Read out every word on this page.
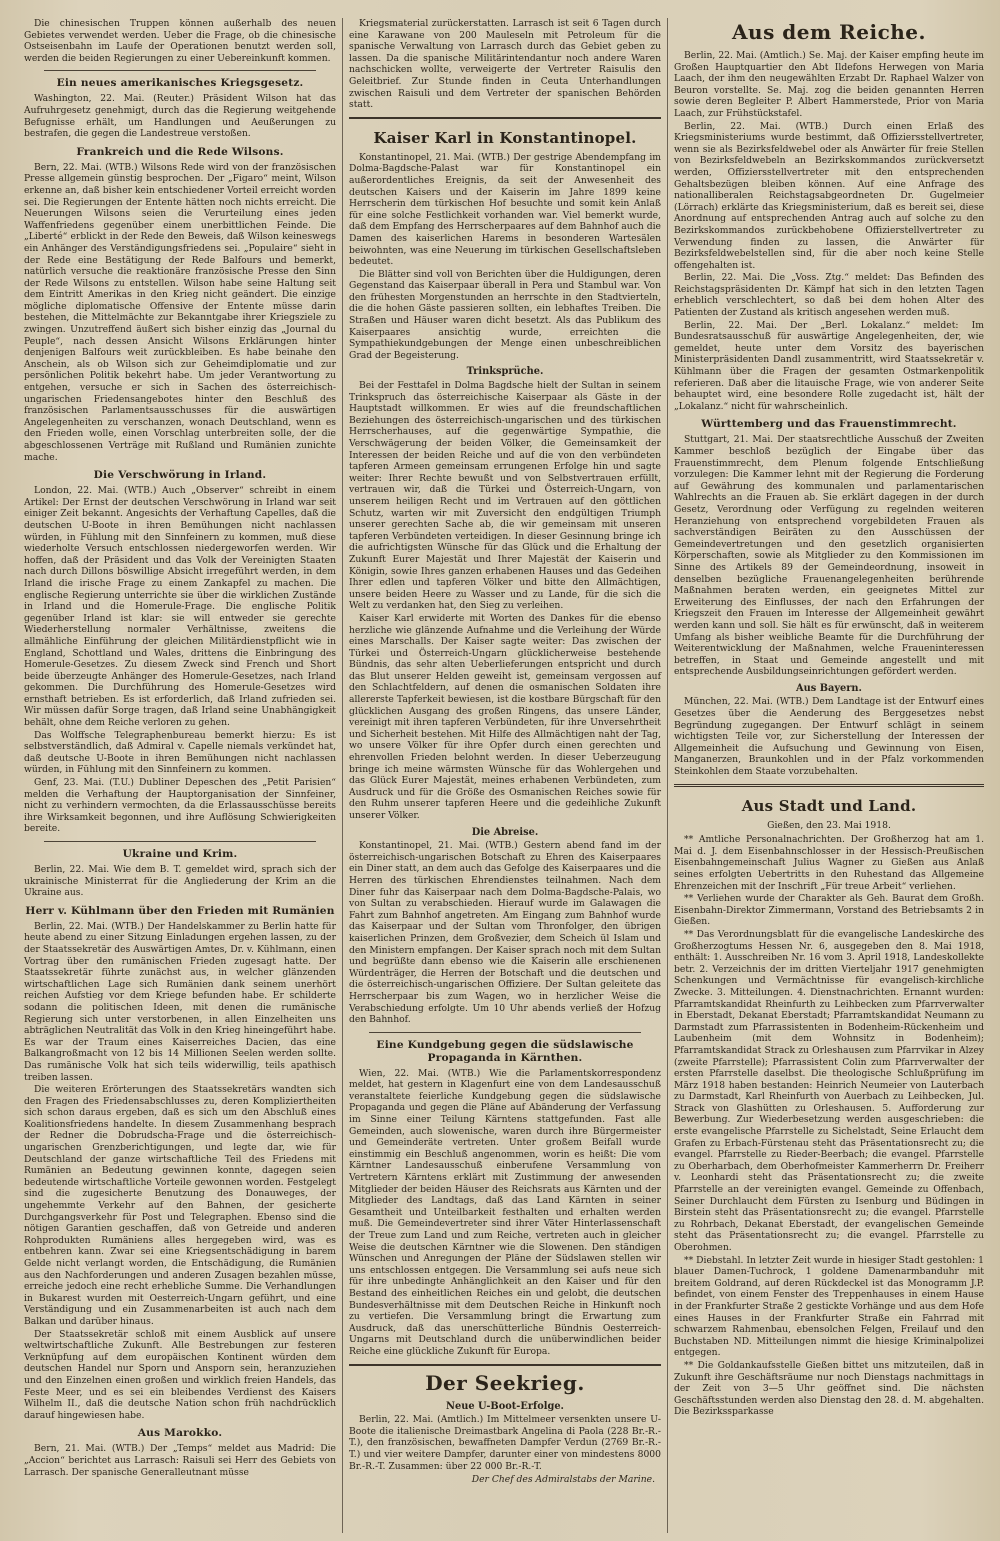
Die chinesischen Truppen können außerhalb des neuen Gebietes verwendet werden. Ueber die Frage, ob die chinesische Ostseisenbahn im Laufe der Operationen benutzt werden soll, werden die beiden Regierungen zu einer Uebereinkunft kommen.

Ein neues amerikanisches Kriegsgesetz.

Washington, 22. Mai. (Reuter.) Präsident Wilson hat das Aufruhrgesetz genehmigt, durch das die Regierung weitgehende Befugnisse erhält, um Handlungen und Aeußerungen zu bestrafen, die gegen die Landestreue verstoßen.

Frankreich und die Rede Wilsons.

Bern, 22. Mai. (WTB.) Wilsons Rede wird von der französischen Presse allgemein günstig besprochen. Der „Figaro“ meint, Wilson erkenne an, daß bisher kein entschiedener Vorteil erreicht worden sei. Die Regierungen der Entente hätten noch nichts erreicht. Die Neuerungen Wilsons seien die Verurteilung eines jeden Waffenfriedens gegenüber einem unerbittlichen Feinde. Die „Liberté“ erblickt in der Rede den Beweis, daß Wilson keineswegs ein Anhänger des Verständigungsfriedens sei. „Populaire“ sieht in der Rede eine Bestätigung der Rede Balfours und bemerkt, natürlich versuche die reaktionäre französische Presse den Sinn der Rede Wilsons zu entstellen. Wilson habe seine Haltung seit dem Eintritt Amerikas in den Krieg nicht geändert. Die einzige mögliche diplomatische Offensive der Entente müsse darin bestehen, die Mittelmächte zur Bekanntgabe ihrer Kriegsziele zu zwingen. Unzutreffend äußert sich bisher einzig das „Journal du Peuple“, nach dessen Ansicht Wilsons Erklärungen hinter denjenigen Balfours weit zurückbleiben. Es habe beinahe den Anschein, als ob Wilson sich zur Geheimdiplomatie und zur persönlichen Politik bekehrt habe. Um jeder Verantwortung zu entgehen, versuche er sich in Sachen des österreichisch-ungarischen Friedensangebotes hinter den Beschluß des französischen Parlamentsausschusses für die auswärtigen Angelegenheiten zu verschanzen, wonach Deutschland, wenn es den Frieden wolle, einen Vorschlag unterbreiten solle, der die abgeschlossenen Verträge mit Rußland und Rumänien zunichte mache.

Die Verschwörung in Irland.

London, 22. Mai. (WTB.) Auch „Observer“ schreibt in einem Artikel: Der Ernst der deutschen Verschwörung in Irland war seit einiger Zeit bekannt. Angesichts der Verhaftung Capelles, daß die deutschen U-Boote in ihren Bemühungen nicht nachlassen würden, in Fühlung mit den Sinnfeinern zu kommen, muß diese wiederholte Versuch entschlossen niedergeworfen werden. Wir hoffen, daß der Präsident und das Volk der Vereinigten Staaten nach durch Dillons böswillige Absicht irregeführt werden, in dem Irland die irische Frage zu einem Zankapfel zu machen. Die englische Regierung unterrichte sie über die wirklichen Zustände in Irland und die Homerule-Frage. Die englische Politik gegenüber Irland ist klar: sie will entweder sie gerechte Wiederherstellung normaler Verhältnisse, zweitens die allmähliche Einführung der gleichen Militärdienstpflicht wie in England, Schottland und Wales, drittens die Einbringung des Homerule-Gesetzes. Zu diesem Zweck sind French und Short beide überzeugte Anhänger des Homerule-Gesetzes, nach Irland gekommen. Die Durchführung des Homerule-Gesetzes wird ernsthaft betrieben. Es ist erforderlich, daß Irland zufrieden sei. Wir müssen dafür Sorge tragen, daß Irland seine Unabhängigkeit behält, ohne dem Reiche verloren zu gehen.

Das Wolffsche Telegraphenbureau bemerkt hierzu: Es ist selbstverständlich, daß Admiral v. Capelle niemals verkündet hat, daß deutsche U-Boote in ihren Bemühungen nicht nachlassen würden, in Fühlung mit den Sinnfeinern zu kommen.

Genf, 23. Mai. (T.U.) Dubliner Depeschen des „Petit Parisien“ melden die Verhaftung der Hauptorganisation der Sinnfeiner, nicht zu verhindern vermochten, da die Erlassausschüsse bereits ihre Wirksamkeit begonnen, und ihre Auflösung Schwierigkeiten bereite.

Ukraine und Krim.

Berlin, 22. Mai. Wie dem B. T. gemeldet wird, sprach sich der ukrainische Ministerrat für die Angliederung der Krim an die Ukraine aus.

Herr v. Kühlmann über den Frieden mit Rumänien

Berlin, 22. Mai. (WTB.) Der Handelskammer zu Berlin hatte für heute abend zu einer Sitzung Einladungen ergehen lassen, zu der der Staatssekretär des Auswärtigen Amtes, Dr. v. Kühlmann, einen Vortrag über den rumänischen Frieden zugesagt hatte. Der Staatssekretär führte zunächst aus, in welcher glänzenden wirtschaftlichen Lage sich Rumänien dank seinem unerhört reichen Aufstieg vor dem Kriege befunden habe. Er schilderte sodann die politischen Ideen, mit denen die rumänische Regierung sich unter verstorbenen, in allen Einzelheiten uns abträglichen Neutralität das Volk in den Krieg hineingeführt habe. Es war der Traum eines Kaiserreiches Dacien, das eine Balkangroßmacht von 12 bis 14 Millionen Seelen werden sollte. Das rumänische Volk hat sich teils widerwillig, teils apathisch treiben lassen.

Die weiteren Erörterungen des Staatssekretärs wandten sich den Fragen des Friedensabschlusses zu, deren Kompliziertheiten sich schon daraus ergeben, daß es sich um den Abschluß eines Koalitionsfriedens handelte. In diesem Zusammenhang besprach der Redner die Dobrudscha-Frage und die österreichisch-ungarischen Grenzberichtigungen, und legte dar, wie für Deutschland der ganze wirtschaftliche Teil des Friedens mit Rumänien an Bedeutung gewinnen konnte, dagegen seien bedeutende wirtschaftliche Vorteile gewonnen worden. Festgelegt sind die zugesicherte Benutzung des Donauweges, der ungehemmte Verkehr auf den Bahnen, der gesicherte Durchgangsverkehr für Post und Telegraphen. Ebenso sind die nötigen Garantien geschaffen, daß von Getreide und anderen Rohprodukten Rumäniens alles hergegeben wird, was es entbehren kann. Zwar sei eine Kriegsentschädigung in barem Gelde nicht verlangt worden, die Entschädigung, die Rumänien aus den Nachforderungen und anderen Zusagen bezahlen müsse, erreiche jedoch eine recht erhebliche Summe. Die Verhandlungen in Bukarest wurden mit Oesterreich-Ungarn geführt, und eine Verständigung und ein Zusammenarbeiten ist auch nach dem Balkan und darüber hinaus.

Der Staatssekretär schloß mit einem Ausblick auf unsere weltwirtschaftliche Zukunft. Alle Bestrebungen zur festeren Verknüpfung auf dem europäischen Kontinent würden dem deutschen Handel nur Sporn und Ansporn sein, heranzuziehen und den Einzelnen einen großen und wirklich freien Handels, das Feste Meer, und es sei ein bleibendes Verdienst des Kaisers Wilhelm II., daß die deutsche Nation schon früh nachdrücklich darauf hingewiesen habe.

Aus Marokko.

Bern, 21. Mai. (WTB.) Der „Temps“ meldet aus Madrid: Die „Accion“ berichtet aus Larrasch: Raisuli sei Herr des Gebiets von Larrasch. Der spanische Generalleutnant müsse

Kriegsmaterial zurückerstatten. Larrasch ist seit 6 Tagen durch eine Karawane von 200 Mauleseln mit Petroleum für die spanische Verwaltung von Larrasch durch das Gebiet geben zu lassen. Da die spanische Militärintendantur noch andere Waren nachschicken wollte, verweigerte der Vertreter Raisulis den Geleitbrief. Zur Stunde finden in Ceuta Unterhandlungen zwischen Raisuli und dem Vertreter der spanischen Behörden statt.

Kaiser Karl in Konstantinopel.

Konstantinopel, 21. Mai. (WTB.) Der gestrige Abendempfang im Dolma-Bagdsche-Palast war für Konstantinopel ein außerordentliches Ereignis, da seit der Anwesenheit des deutschen Kaisers und der Kaiserin im Jahre 1899 keine Herrscherin dem türkischen Hof besuchte und somit kein Anlaß für eine solche Festlichkeit vorhanden war. Viel bemerkt wurde, daß dem Empfang des Herrscherpaares auf dem Bahnhof auch die Damen des kaiserlichen Harems in besonderen Wartesälen beiwohnten, was eine Neuerung im türkischen Gesellschaftsleben bedeutet.

Die Blätter sind voll von Berichten über die Huldigungen, deren Gegenstand das Kaiserpaar überall in Pera und Stambul war. Von den frühesten Morgenstunden an herrschte in den Stadtvierteln, die die hohen Gäste passieren sollten, ein lebhaftes Treiben. Die Straßen und Häuser waren dicht besetzt. Als das Publikum des Kaiserpaares ansichtig wurde, erreichten die Sympathiekundgebungen der Menge einen unbeschreiblichen Grad der Begeisterung.

Trinksprüche.

Bei der Festtafel in Dolma Bagdsche hielt der Sultan in seinem Trinkspruch das österreichische Kaiserpaar als Gäste in der Hauptstadt willkommen. Er wies auf die freundschaftlichen Beziehungen des österreichisch-ungarischen und des türkischen Herrscherhauses, auf die gegenwärtige Sympathie, die Verschwägerung der beiden Völker, die Gemeinsamkeit der Interessen der beiden Reiche und auf die von den verbündeten tapferen Armeen gemeinsam errungenen Erfolge hin und sagte weiter: Ihrer Rechte bewußt und von Selbstvertrauen erfüllt, vertrauen wir, daß die Türkei und Österreich-Ungarn, von unserem heiligen Recht und im Vertrauen auf den göttlichen Schutz, warten wir mit Zuversicht den endgültigen Triumph unserer gerechten Sache ab, die wir gemeinsam mit unseren tapferen Verbündeten verteidigen. In dieser Gesinnung bringe ich die aufrichtigsten Wünsche für das Glück und die Erhaltung der Zukunft Eurer Majestät und Ihrer Majestät der Kaiserin und Königin, sowie Ihres ganzen erhabenen Hauses und das Gedeihen Ihrer edlen und tapferen Völker und bitte den Allmächtigen, unsere beiden Heere zu Wasser und zu Lande, für die sich die Welt zu verdanken hat, den Sieg zu verleihen.

Kaiser Karl erwiderte mit Worten des Dankes für die ebenso herzliche wie glänzende Aufnahme und die Verleihung der Würde eines Marschalls. Der Kaiser sagte weiter: Das zwischen der Türkei und Österreich-Ungarn glücklicherweise bestehende Bündnis, das sehr alten Ueberlieferungen entspricht und durch das Blut unserer Helden geweiht ist, gemeinsam vergossen auf den Schlachtfeldern, auf denen die osmanischen Soldaten ihre allererste Tapferkeit bewiesen, ist die kostbare Bürgschaft für den glücklichen Ausgang des großen Ringens, das unsere Länder, vereinigt mit ihren tapferen Verbündeten, für ihre Unversehrtheit und Sicherheit bestehen. Mit Hilfe des Allmächtigen naht der Tag, wo unsere Völker für ihre Opfer durch einen gerechten und ehrenvollen Frieden belohnt werden. In dieser Ueberzeugung bringe ich meine wärmsten Wünsche für das Wohlergehen und das Glück Eurer Majestät, meines erhabenen Verbündeten, zum Ausdruck und für die Größe des Osmanischen Reiches sowie für den Ruhm unserer tapferen Heere und die gedeihliche Zukunft unserer Völker.

Die Abreise.

Konstantinopel, 21. Mai. (WTB.) Gestern abend fand im der österreichisch-ungarischen Botschaft zu Ehren des Kaiserpaares ein Diner statt, an dem auch das Gefolge des Kaiserpaares und die Herren des türkischen Ehrendienstes teilnahmen. Nach dem Diner fuhr das Kaiserpaar nach dem Dolma-Bagdsche-Palais, wo von Sultan zu verabschieden. Hierauf wurde im Galawagen die Fahrt zum Bahnhof angetreten. Am Eingang zum Bahnhof wurde das Kaiserpaar und der Sultan vom Thronfolger, den übrigen kaiserlichen Prinzen, dem Großvezier, dem Scheich ül Islam und den Ministern empfangen. Der Kaiser sprach noch mit dem Sultan und begrüßte dann ebenso wie die Kaiserin alle erschienenen Würdenträger, die Herren der Botschaft und die deutschen und die österreichisch-ungarischen Offiziere. Der Sultan geleitete das Herrscherpaar bis zum Wagen, wo in herzlicher Weise die Verabschiedung erfolgte. Um 10 Uhr abends verließ der Hofzug den Bahnhof.

Eine Kundgebung gegen die südslawische Propaganda in Kärnthen.

Wien, 22. Mai. (WTB.) Wie die Parlamentskorrespondenz meldet, hat gestern in Klagenfurt eine von dem Landesausschuß veranstaltete feierliche Kundgebung gegen die südslawische Propaganda und gegen die Pläne auf Abänderung der Verfassung im Sinne einer Teilung Kärntens stattgefunden. Fast alle Gemeinden, auch slowenische, waren durch ihre Bürgermeister und Gemeinderäte vertreten. Unter großem Beifall wurde einstimmig ein Beschluß angenommen, worin es heißt: Die vom Kärntner Landesausschuß einberufene Versammlung von Vertretern Kärntens erklärt mit Zustimmung der anwesenden Mitglieder der beiden Häuser des Reichsrats aus Kärnten und der Mitglieder des Landtags, daß das Land Kärnten in seiner Gesamtheit und Unteilbarkeit festhalten und erhalten werden muß. Die Gemeindevertreter sind ihrer Väter Hinterlassenschaft der Treue zum Land und zum Reiche, vertreten auch in gleicher Weise die deutschen Kärntner wie die Slowenen. Den ständigen Wünschen und Anregungen der Pläne der Südslawen stellen wir uns entschlossen entgegen. Die Versammlung sei aufs neue sich für ihre unbedingte Anhänglichkeit an den Kaiser und für den Bestand des einheitlichen Reiches ein und gelobt, die deutschen Bundesverhältnisse mit dem Deutschen Reiche in Hinkunft noch zu vertiefen. Die Versammlung bringt die Erwartung zum Ausdruck, daß das unerschütterliche Bündnis Oesterreich-Ungarns mit Deutschland durch die unüberwindlichen beider Reiche eine glückliche Zukunft für Europa.

Der Seekrieg.
Neue U-Boot-Erfolge.

Berlin, 22. Mai. (Amtlich.) Im Mittelmeer versenkten unsere U-Boote die italienische Dreimastbark Angelina di Paola (228 Br.-R.-T.), den französischen, bewaffneten Dampfer Verdun (2769 Br.-R.-T.) und vier weitere Dampfer, darunter einer von mindestens 8000 Br.-R.-T. Zusammen: über 22 000 Br.-R.-T.

Der Chef des Admiralstabs der Marine.
Aus dem Reiche.

Berlin, 22. Mai. (Amtlich.) Se. Maj. der Kaiser empfing heute im Großen Hauptquartier den Abt Ildefons Herwegen von Maria Laach, der ihm den neugewählten Erzabt Dr. Raphael Walzer von Beuron vorstellte. Se. Maj. zog die beiden genannten Herren sowie deren Begleiter P. Albert Hammerstede, Prior von Maria Laach, zur Frühstückstafel.

Berlin, 22. Mai. (WTB.) Durch einen Erlaß des Kriegsministeriums wurde bestimmt, daß Offiziersstellvertreter, wenn sie als Bezirksfeldwebel oder als Anwärter für freie Stellen von Bezirksfeldwebeln an Bezirkskommandos zurückversetzt werden, Offiziersstellvertreter mit den entsprechenden Gehaltsbezügen bleiben können. Auf eine Anfrage des nationalliberalen Reichstagsabgeordneten Dr. Gugelmeier (Lörrach) erklärte das Kriegsministerium, daß es bereit sei, diese Anordnung auf entsprechenden Antrag auch auf solche zu den Bezirkskommandos zurückbehobene Offizierstellvertreter zu Verwendung finden zu lassen, die Anwärter für Bezirksfeldwebelstellen sind, für die aber noch keine Stelle offengehalten ist.

Berlin, 22. Mai. Die „Voss. Ztg.“ meldet: Das Befinden des Reichstagspräsidenten Dr. Kämpf hat sich in den letzten Tagen erheblich verschlechtert, so daß bei dem hohen Alter des Patienten der Zustand als kritisch angesehen werden muß.

Berlin, 22. Mai. Der „Berl. Lokalanz.“ meldet: Im Bundesratsausschuß für auswärtige Angelegenheiten, der, wie gemeldet, heute unter dem Vorsitz des bayerischen Ministerpräsidenten Dandl zusammentritt, wird Staatssekretär v. Kühlmann über die Fragen der gesamten Ostmarkenpolitik referieren. Daß aber die litauische Frage, wie von anderer Seite behauptet wird, eine besondere Rolle zugedacht ist, hält der „Lokalanz.“ nicht für wahrscheinlich.

Württemberg und das Frauenstimmrecht.

Stuttgart, 21. Mai. Der staatsrechtliche Ausschuß der Zweiten Kammer beschloß bezüglich der Eingabe über das Frauenstimmrecht, dem Plenum folgende Entschließung vorzulegen: Die Kammer lehnt mit der Regierung die Forderung auf Gewährung des kommunalen und parlamentarischen Wahlrechts an die Frauen ab. Sie erklärt dagegen in der durch Gesetz, Verordnung oder Verfügung zu regelnden weiteren Heranziehung von entsprechend vorgebildeten Frauen als sachverständigen Beiräten zu den Ausschüssen der Gemeindevertretungen und den gesetzlich organisierten Körperschaften, sowie als Mitglieder zu den Kommissionen im Sinne des Artikels 89 der Gemeindeordnung, insoweit in denselben bezügliche Frauenangelegenheiten berührende Maßnahmen beraten werden, ein geeignetes Mittel zur Erweiterung des Einflusses, der nach den Erfahrungen der Kriegszeit den Frauen im Interesse der Allgemeinheit gewährt werden kann und soll. Sie hält es für erwünscht, daß in weiterem Umfang als bisher weibliche Beamte für die Durchführung der Weiterentwicklung der Maßnahmen, welche Fraueninteressen betreffen, in Staat und Gemeinde angestellt und mit entsprechende Ausbildungseinrichtungen gefördert werden.

Aus Bayern.

München, 22. Mai. (WTB.) Dem Landtage ist der Entwurf eines Gesetzes über die Aenderung des Berggesetzes nebst Begründung zugegangen. Der Entwurf schlägt in seinem wichtigsten Teile vor, zur Sicherstellung der Interessen der Allgemeinheit die Aufsuchung und Gewinnung von Eisen, Manganerzen, Braunkohlen und in der Pfalz vorkommenden Steinkohlen dem Staate vorzubehalten.

Aus Stadt und Land.
Gießen, den 23. Mai 1918.

** Amtliche Personalnachrichten. Der Großherzog hat am 1. Mai d. J. dem Eisenbahnschlosser in der Hessisch-Preußischen Eisenbahngemeinschaft Julius Wagner zu Gießen aus Anlaß seines erfolgten Uebertritts in den Ruhestand das Allgemeine Ehrenzeichen mit der Inschrift „Für treue Arbeit“ verliehen.

** Verliehen wurde der Charakter als Geh. Baurat dem Großh. Eisenbahn-Direktor Zimmermann, Vorstand des Betriebsamts 2 in Gießen.

** Das Verordnungsblatt für die evangelische Landeskirche des Großherzogtums Hessen Nr. 6, ausgegeben den 8. Mai 1918, enthält: 1. Ausschreiben Nr. 16 vom 3. April 1918, Landeskollekte betr. 2. Verzeichnis der im dritten Vierteljahr 1917 genehmigten Schenkungen und Vermächtnisse für evangelisch-kirchliche Zwecke. 3. Mitteilungen. 4. Dienstnachrichten. Ernannt wurden: Pfarramtskandidat Rheinfurth zu Leihbecken zum Pfarrverwalter in Eberstadt, Dekanat Eberstadt; Pfarramtskandidat Neumann zu Darmstadt zum Pfarrassistenten in Bodenheim-Rückenheim und Laubenheim (mit dem Wohnsitz in Bodenheim); Pfarramtskandidat Strack zu Orleshausen zum Pfarrvikar in Alzey (zweite Pfarrstelle); Pfarrassistent Colin zum Pfarrverwalter der ersten Pfarrstelle daselbst. Die theologische Schlußprüfung im März 1918 haben bestanden: Heinrich Neumeier von Lauterbach zu Darmstadt, Karl Rheinfurth von Auerbach zu Leihbecken, Jul. Strack von Glashütten zu Orleshausen. 5. Aufforderung zur Bewerbung. Zur Wiederbesetzung werden ausgeschrieben: die erste evangelische Pfarrstelle zu Sichelstadt, Seine Erlaucht dem Grafen zu Erbach-Fürstenau steht das Präsentationsrecht zu; die evangel. Pfarrstelle zu Rieder-Beerbach; die evangel. Pfarrstelle zu Oberharbach, dem Oberhofmeister Kammerherrn Dr. Freiherr v. Leonhardi steht das Präsentationsrecht zu; die zweite Pfarrstelle an der vereinigten evangel. Gemeinde zu Offenbach, Seiner Durchlaucht dem Fürsten zu Isenburg und Büdingen in Birstein steht das Präsentationsrecht zu; die evangel. Pfarrstelle zu Rohrbach, Dekanat Eberstadt, der evangelischen Gemeinde steht das Präsentationsrecht zu; die evangel. Pfarrstelle zu Oberohmen.

** Diebstahl. In letzter Zeit wurde in hiesiger Stadt gestohlen: 1 blauer Damen-Tuchrock, 1 goldene Damenarmbanduhr mit breitem Goldrand, auf deren Rückdeckel ist das Monogramm J.P. befindet, von einem Fenster des Treppenhauses in einem Hause in der Frankfurter Straße 2 gestickte Vorhänge und aus dem Hofe eines Hauses in der Frankfurter Straße ein Fahrrad mit schwarzem Rahmenbau, ebensolchen Felgen, Freilauf und den Buchstaben ND. Mitteilungen nimmt die hiesige Kriminalpolizei entgegen.

** Die Goldankaufsstelle Gießen bittet uns mitzuteilen, daß in Zukunft ihre Geschäftsräume nur noch Dienstags nachmittags in der Zeit von 3—5 Uhr geöffnet sind. Die nächsten Geschäftsstunden werden also Dienstag den 28. d. M. abgehalten. Die Bezirkssparkasse
